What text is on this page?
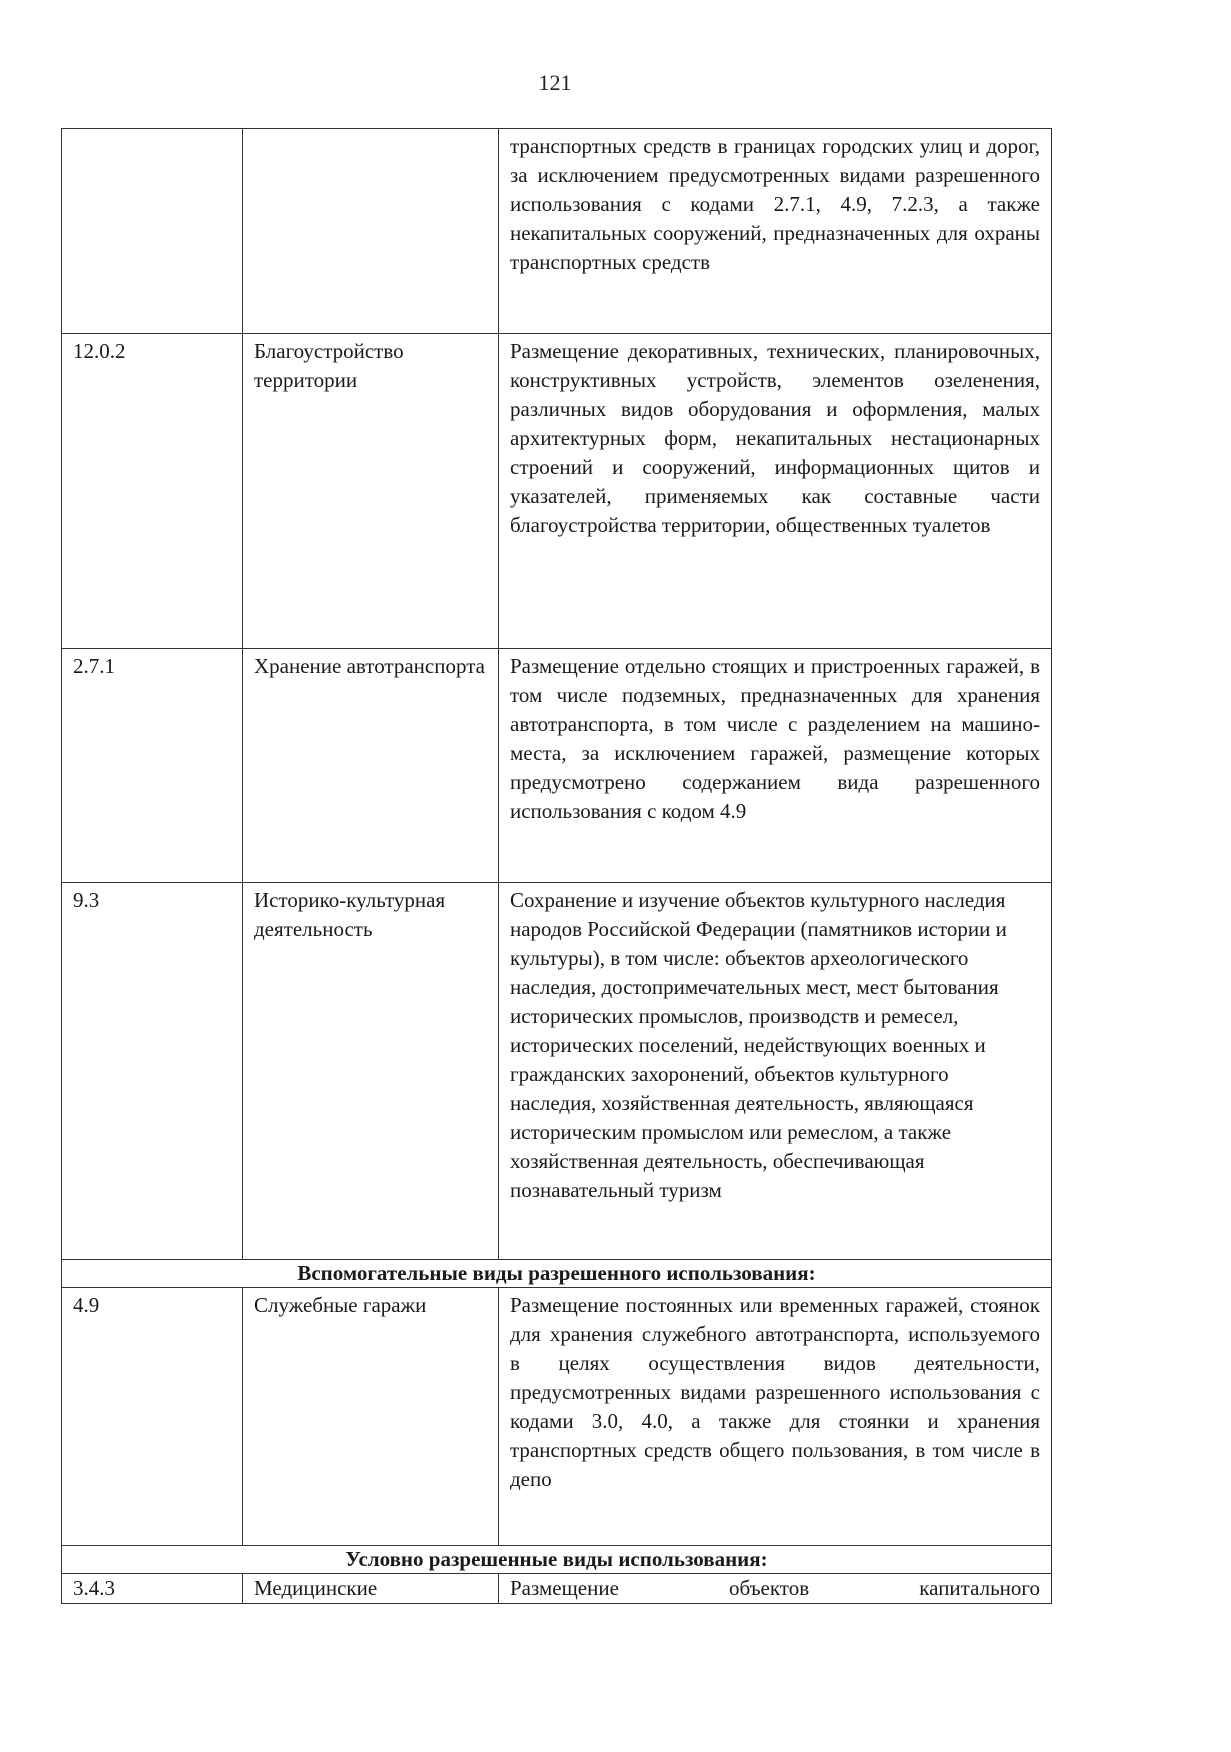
121
		транспортных средств в границах городских улиц и дорог, за исключением предусмотренных видами разрешенного использования с кодами 2.7.1, 4.9, 7.2.3, а также некапитальных сооружений, предназначенных для охраны транспортных средств
12.0.2	Благоустройство территории	Размещение декоративных, технических, планировочных, конструктивных устройств, элементов озеленения, различных видов оборудования и оформления, малых архитектурных форм, некапитальных нестационарных строений и сооружений, информационных щитов и указателей, применяемых как составные части благоустройства территории, общественных туалетов
2.7.1	Хранение автотранспорта	Размещение отдельно стоящих и пристроенных гаражей, в том числе подземных, предназначенных для хранения автотранспорта, в том числе с разделением на машино-места, за исключением гаражей, размещение которых предусмотрено содержанием вида разрешенного использования с кодом 4.9
9.3	Историко-культурная деятельность	Сохранение и изучение объектов культурного наследия народов Российской Федерации (памятников истории и культуры), в том числе: объектов археологического наследия, достопримечательных мест, мест бытования исторических промыслов, производств и ремесел, исторических поселений, недействующих военных и гражданских захоронений, объектов культурного наследия, хозяйственная деятельность, являющаяся историческим промыслом или ремеслом, а также хозяйственная деятельность, обеспечивающая познавательный туризм
Вспомогательные виды разрешенного использования:		
4.9	Служебные гаражи	Размещение постоянных или временных гаражей, стоянок для хранения служебного автотранспорта, используемого в целях осуществления видов деятельности, предусмотренных видами разрешенного использования с кодами 3.0, 4.0, а также для стоянки и хранения транспортных средств общего пользования, в том числе в депо
Условно разрешенные виды использования:		
3.4.3	Медицинские	Размещение объектов капитального
